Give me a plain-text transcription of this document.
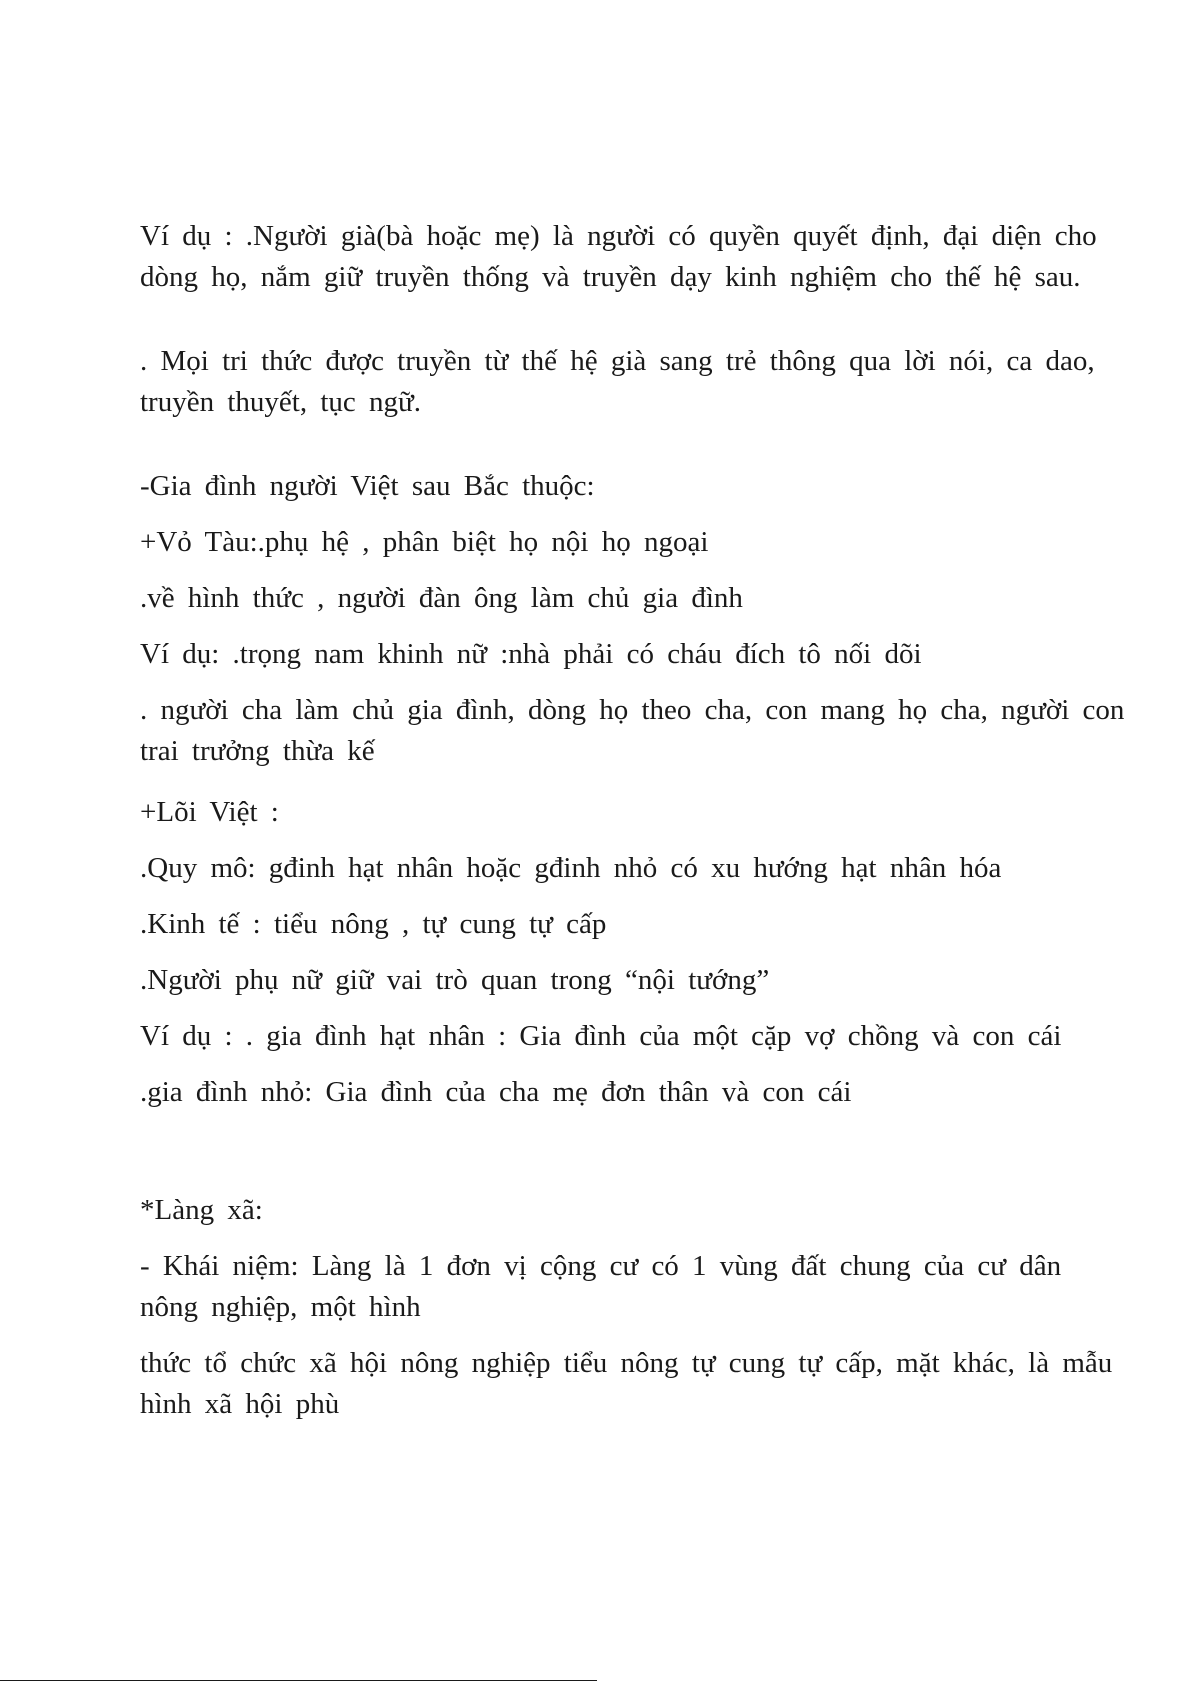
Ví dụ : .Người già(bà hoặc mẹ) là người có quyền quyết định, đại diện cho dòng họ, nắm giữ truyền thống và truyền dạy kinh nghiệm cho thế hệ sau.

. Mọi tri thức được truyền từ thế hệ già sang trẻ thông qua lời nói, ca dao, truyền thuyết, tục ngữ.

-Gia đình người Việt sau Bắc thuộc:

+Vỏ Tàu:.phụ hệ , phân biệt họ nội họ ngoại

.về hình thức , người đàn ông làm chủ gia đình

Ví dụ: .trọng nam khinh nữ :nhà phải có cháu đích tô nối dõi

. người cha làm chủ gia đình, dòng họ theo cha, con mang họ cha, người con trai trưởng thừa kế

+Lõi Việt :

.Quy mô: gđinh hạt nhân hoặc gđinh nhỏ có xu hướng hạt nhân hóa

.Kinh tế : tiểu nông , tự cung tự cấp

.Người phụ nữ giữ vai trò quan trong “nội tướng”

Ví dụ : . gia đình hạt nhân : Gia đình của một cặp vợ chồng và con cái

.gia đình nhỏ: Gia đình của cha mẹ đơn thân và con cái

*Làng xã:

- Khái niệm: Làng là 1 đơn vị cộng cư có 1 vùng đất chung của cư dân nông nghiệp, một hình

thức tổ chức xã hội nông nghiệp tiểu nông tự cung tự cấp, mặt khác, là mẫu hình xã hội phù
